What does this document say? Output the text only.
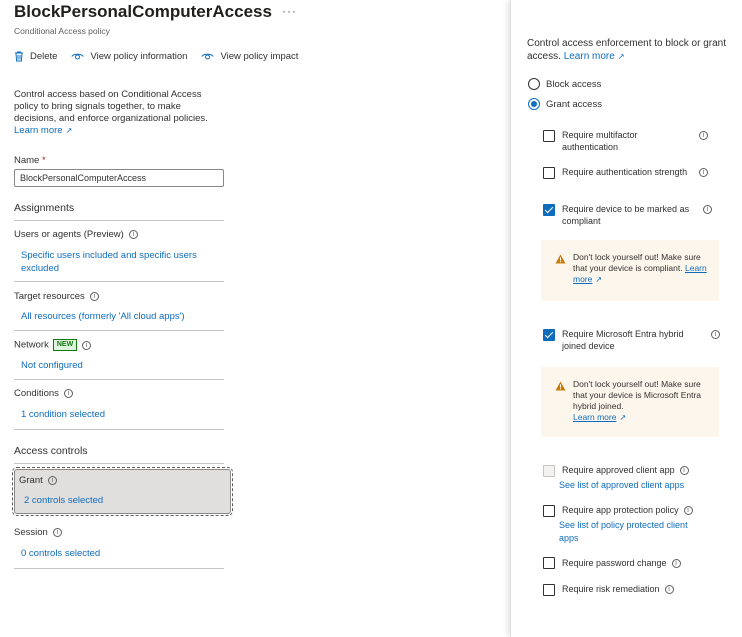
BlockPersonalComputerAccess ···
Conditional Access policy
Delete	View policy information	View policy impact
Control access based on Conditional Access policy to bring signals together, to make decisions, and enforce organizational policies.
Learn more ↗
Name *
BlockPersonalComputerAccess
Assignments
Users or agents (Preview) i
Specific users included and specific users excluded
Target resources i
All resources (formerly 'All cloud apps')
Network NEW i
Not configured
Conditions i
1 condition selected
Access controls
Grant i
2 controls selected
Session i
0 controls selected
Control access enforcement to block or grant access. Learn more ↗
Block access
Grant access
Require multifactor authentication
i
Require authentication strength	i
Require device to be marked as compliant
i
Don't lock yourself out! Make sure that your device is compliant. Learn more ↗
Require Microsoft Entra hybrid joined device
i
Don't lock yourself out! Make sure that your device is Microsoft Entra hybrid joined.
Learn more ↗
Require approved client app i
See list of approved client apps
Require app protection policy i
See list of policy protected client apps
Require password change i
Require risk remediation i
